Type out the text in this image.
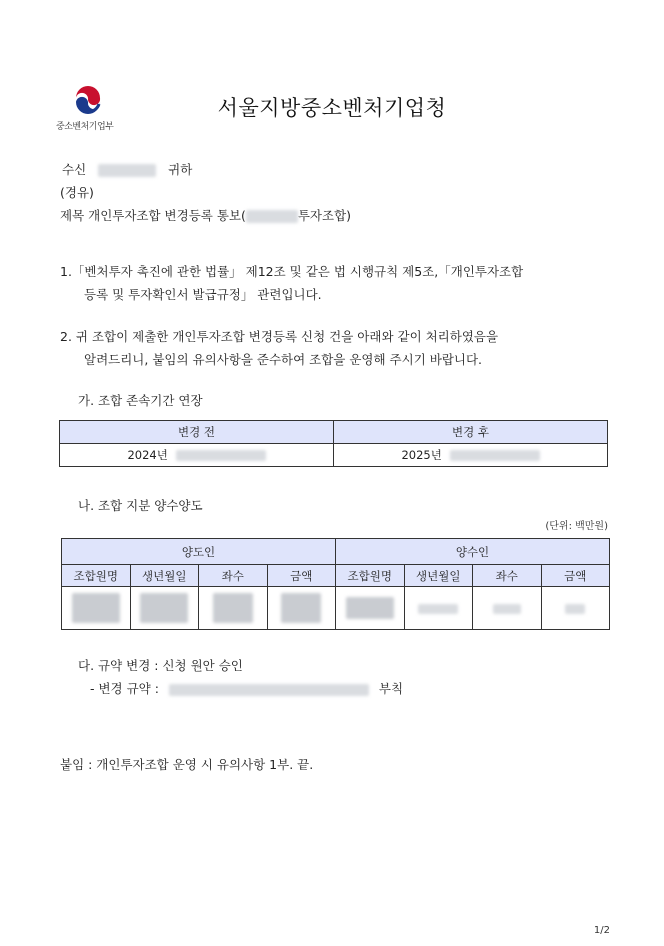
중소벤처기업부
서울지방중소벤처기업청
수신	귀하
(경유)
제목 개인투자조합 변경등록 통보(	투자조합)
1.「벤처투자 촉진에 관한 법률」 제12조 및 같은 법 시행규칙 제5조,「개인투자조합
등록 및 투자확인서 발급규정」 관련입니다.
2. 귀 조합이 제출한 개인투자조합 변경등록 신청 건을 아래와 같이 처리하였음을
알려드리니, 붙임의 유의사항을 준수하여 조합을 운영해 주시기 바랍니다.
가. 조합 존속기간 연장
변경 전	변경 후
2024년	2025년
나. 조합 지분 양수양도
(단위: 백만원)
양도인				양수인			
조합원명	생년월일	좌수	금액	조합원명	생년월일	좌수	금액

다. 규약 변경 : 신청 원안 승인
- 변경 규약 :	부칙
붙임 : 개인투자조합 운영 시 유의사항 1부. 끝.
1/2
